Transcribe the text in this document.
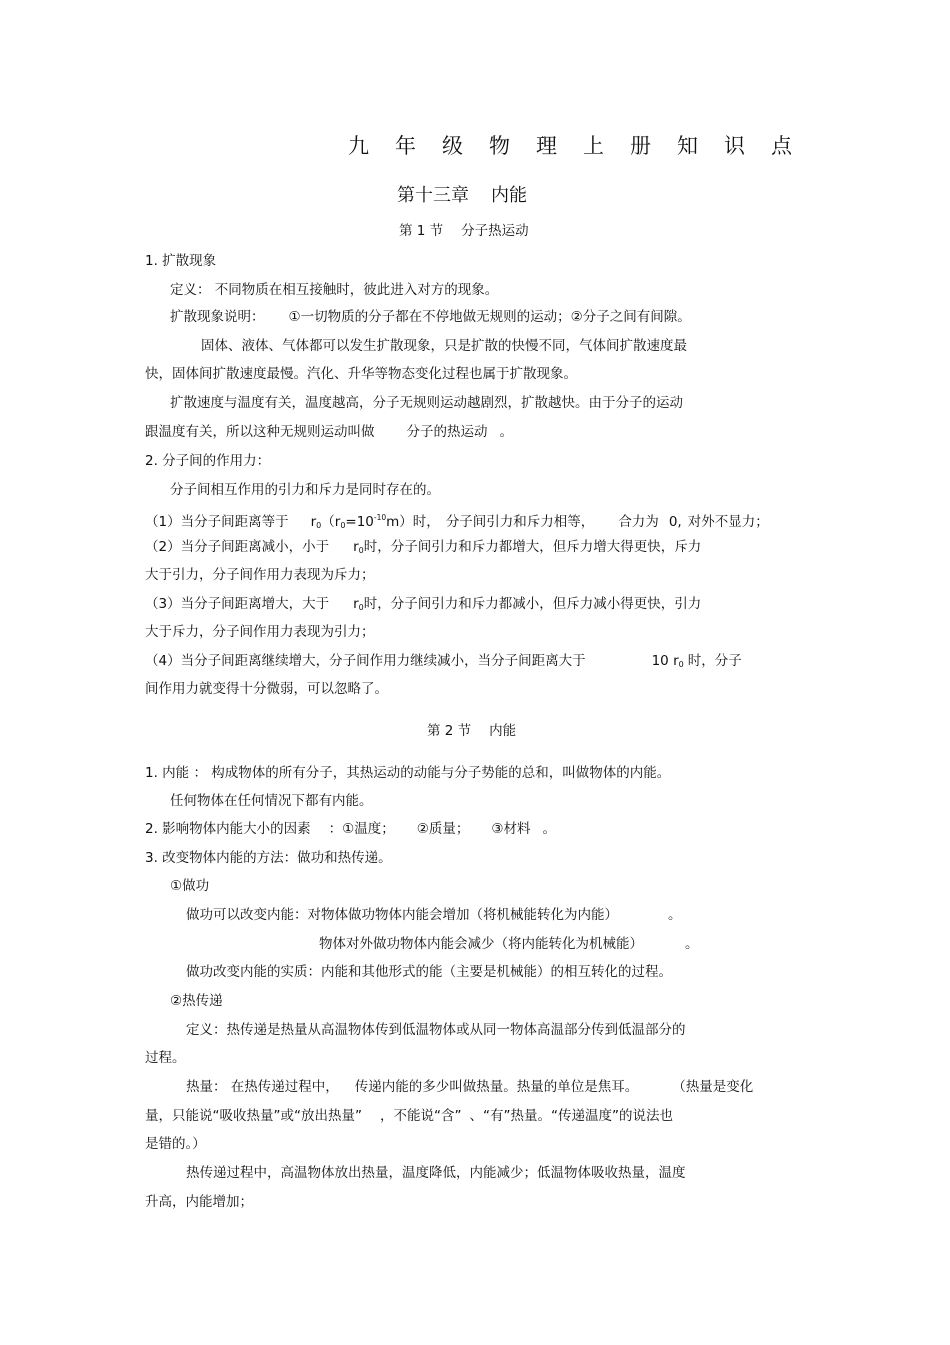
九年级物理上册知识点
第十三章 内能
第 1 节 分子热运动
1. 扩散现象
定义： 不同物质在相互接触时，彼此进入对方的现象。
扩散现象说明： ①一切物质的分子都在不停地做无规则的运动；②分子之间有间隙。
固体、液体、气体都可以发生扩散现象，只是扩散的快慢不同，气体间扩散速度最
快，固体间扩散速度最慢。汽化、升华等物态变化过程也属于扩散现象。
扩散速度与温度有关，温度越高，分子无规则运动越剧烈，扩散越快。由于分子的运动
跟温度有关，所以这种无规则运动叫做 分子的热运动 。
2. 分子间的作用力：
分子间相互作用的引力和斥力是同时存在的。
（1）当分子间距离等于 $r_0(r_0=10^{-10}m)$时， 分子间引力和斥力相等， 合力为 0, 对外不显力；
（2）当分子间距离减小，小于 $r_0$时，分子间引力和斥力都增大，但斥力增大得更快，斥力
大于引力，分子间作用力表现为斥力；
（3）当分子间距离增大，大于 $r_0$时，分子间引力和斥力都减小，但斥力减小得更快，引力
大于斥力，分子间作用力表现为引力；
（4）当分子间距离继续增大，分子间作用力继续减小，当分子间距离大于	10 $r_0$ 时，分子
间作用力就变得十分微弱，可以忽略了。
第 2 节 内能
1. 内能 ： 构成物体的所有分子，其热运动的动能与分子势能的总和，叫做物体的内能。
任何物体在任何情况下都有内能。
2. 影响物体内能大小的因素 ：①温度； ②质量； ③材料 。
3. 改变物体内能的方法：做功和热传递。
①做功
做功可以改变内能：对物体做功物体内能会增加（将机械能转化为内能）	。
物体对外做功物体内能会减少（将内能转化为机械能）	。
做功改变内能的实质：内能和其他形式的能（主要是机械能）的相互转化的过程。
②热传递
定义：热传递是热量从高温物体传到低温物体或从同一物体高温部分传到低温部分的
过程。
热量： 在热传递过程中， 传递内能的多少叫做热量。热量的单位是焦耳。	（热量是变化
量，只能说“吸收热量”或“放出热量” ，不能说“含” 、“有”热量。“传递温度”的说法也
是错的。）
热传递过程中，高温物体放出热量，温度降低，内能减少；低温物体吸收热量，温度
升高，内能增加；
